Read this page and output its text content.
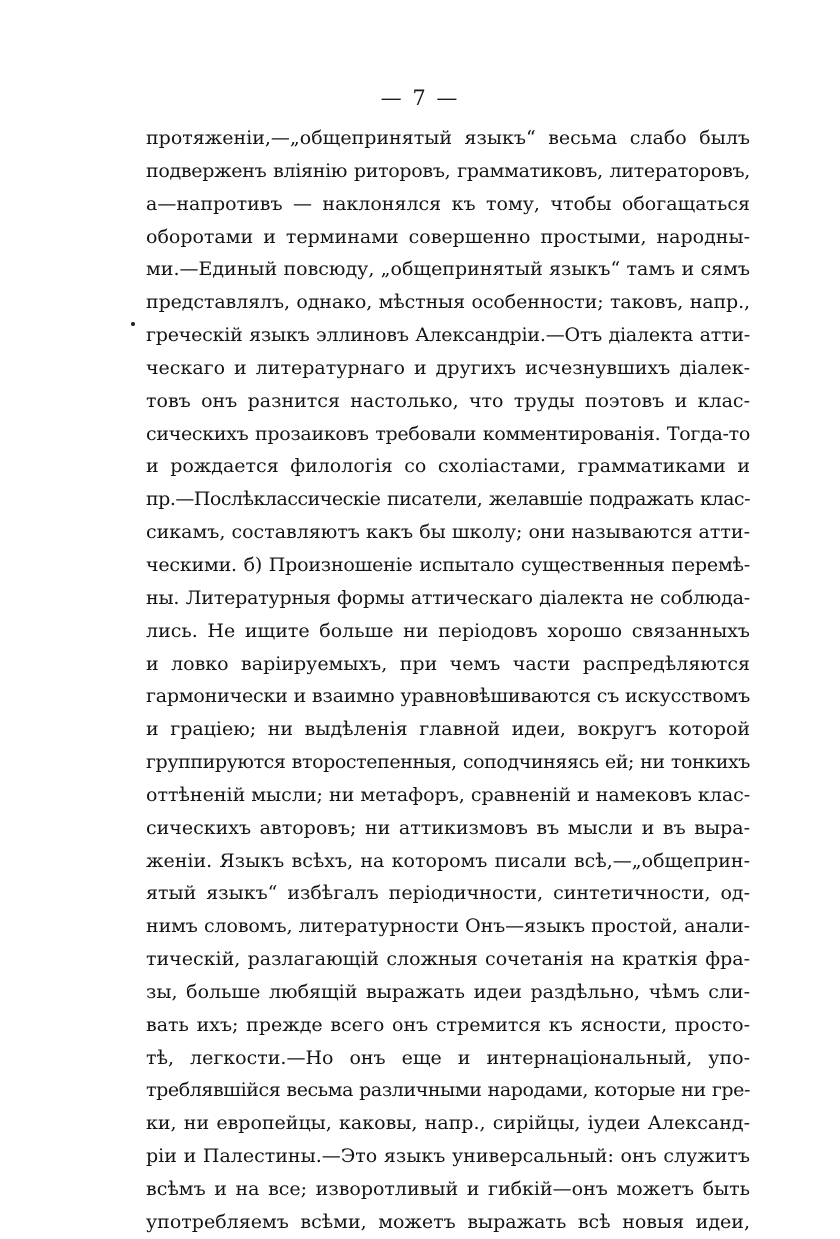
— 7 —
протяженіи,—„общепринятый языкъ“ весьма слабо былъ
подверженъ вліянію риторовъ, грамматиковъ, литераторовъ,
а—напротивъ — наклонялся къ тому, чтобы обогащаться
оборотами и терминами совершенно простыми, народны-
ми.—Единый повсюду, „общепринятый языкъ“ тамъ и сямъ
представлялъ, однако, мѣстныя особенности; таковъ, напр.,
греческій языкъ эллиновъ Александріи.—Отъ діалекта атти-
ческаго и литературнаго и другихъ исчезнувшихъ діалек-
товъ онъ разнится настолько, что труды поэтовъ и клас-
сическихъ прозаиковъ требовали комментированія. Тогда-то
и рождается филологія со схоліастами, грамматиками и
пр.—Послѣклассическіе писатели, желавшіе подражать клас-
сикамъ, составляютъ какъ бы школу; они называются атти-
ческими. б) Произношеніе испытало существенныя перемѣ-
ны. Литературныя формы аттическаго діалекта не соблюда-
лись. Не ищите больше ни періодовъ хорошо связанныхъ
и ловко варіируемыхъ, при чемъ части распредѣляются
гармонически и взаимно уравновѣшиваются съ искусствомъ
и граціею; ни выдѣленія главной идеи, вокругъ которой
группируются второстепенныя, соподчиняясь ей; ни тонкихъ
оттѣненій мысли; ни метафоръ, сравненій и намековъ клас-
сическихъ авторовъ; ни аттикизмовъ въ мысли и въ выра-
женіи. Языкъ всѣхъ, на которомъ писали всѣ,—„общеприн-
ятый языкъ“ избѣгалъ періодичности, синтетичности, од-
нимъ словомъ, литературности Онъ—языкъ простой, анали-
тическій, разлагающій сложныя сочетанія на краткія фра-
зы, больше любящій выражать идеи раздѣльно, чѣмъ сли-
вать ихъ; прежде всего онъ стремится къ ясности, просто-
тѣ, легкости.—Но онъ еще и интернаціональный, упо-
треблявшійся весьма различными народами, которые ни гре-
ки, ни европейцы, каковы, напр., сирійцы, іудеи Александ-
ріи и Палестины.—Это языкъ универсальный: онъ служитъ
всѣмъ и на все; изворотливый и гибкій—онъ можетъ быть
употребляемъ всѣми, можетъ выражать всѣ новыя идеи,
